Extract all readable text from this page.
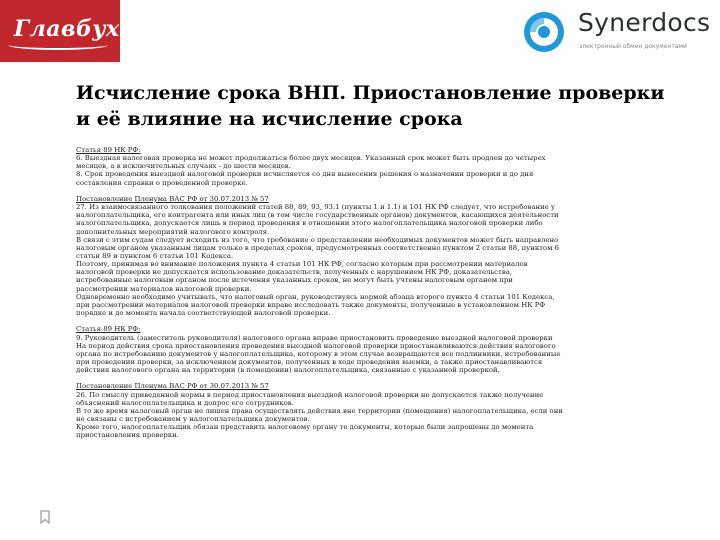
Главбух	Synerdocs
электронный обмен документами
Исчисление срока ВНП. Приостановление проверки
и её влияние на исчисление срока
Статья 89 НК РФ:
6. Выездная налоговая проверка не может продолжаться более двух месяцев. Указанный срок может быть продлен до четырех
месяцев, а в исключительных случаях - до шести месяцев.
8. Срок проведения выездной налоговой проверки исчисляется со дня вынесения решения о назначении проверки и до дня
составления справки о проведенной проверке.
Постановление Пленума ВАС РФ от 30.07.2013 № 57
27. Из взаимосвязанного толкования положений статей 88, 89, 93, 93.1 (пункты 1 и 1.1) и 101 НК РФ следует, что истребование у
налогоплательщика, его контрагента или иных лиц (в том числе государственных органов) документов, касающихся деятельности
налогоплательщика, допускается лишь в период проведения в отношении этого налогоплательщика налоговой проверки либо
дополнительных мероприятий налогового контроля.
В связи с этим судам следует исходить из того, что требование о представлении необходимых документов может быть направлено
налоговым органом указанным лицам только в пределах сроков, предусмотренных соответственно пунктом 2 статьи 88, пунктом 6
статьи 89 и пунктом 6 статьи 101 Кодекса.
Поэтому, принимая во внимание положения пункта 4 статьи 101 НК РФ, согласно которым при рассмотрении материалов
налоговой проверки не допускается использование доказательств, полученных с нарушением НК РФ, доказательства,
истребованные налоговым органом после истечения указанных сроков, не могут быть учтены налоговым органом при
рассмотрении материалов налоговой проверки.
Одновременно необходимо учитывать, что налоговый орган, руководствуясь нормой абзаца второго пункта 4 статьи 101 Кодекса,
при рассмотрении материалов налоговой проверки вправе исследовать также документы, полученные в установленном НК РФ
порядке и до момента начала соответствующей налоговой проверки.
Статья 89 НК РФ:
9. Руководитель (заместитель руководителя) налогового органа вправе приостановить проведение выездной налоговой проверки
На период действия срока приостановления проведения выездной налоговой проверки приостанавливаются действия налогового
органа по истребованию документов у налогоплательщика, которому в этом случае возвращаются все подлинники, истребованные
при проведении проверки, за исключением документов, полученных в ходе проведения выемки, а также приостанавливаются
действия налогового органа на территории (в помещении) налогоплательщика, связанные с указанной проверкой.
Постановление Пленума ВАС РФ от 30.07.2013 № 57
26. По смыслу приведенной нормы в период приостановления выездной налоговой проверки не допускается также получение
объяснений налогоплательщика и допрос его сотрудников.
В то же время налоговый орган не лишен права осуществлять действия вне территории (помещения) налогоплательщика, если они
не связаны с истребованием у налогоплательщика документов.
Кроме того, налогоплательщик обязан представить налоговому органу те документы, которые были запрошены до момента
приостановления проверки.
